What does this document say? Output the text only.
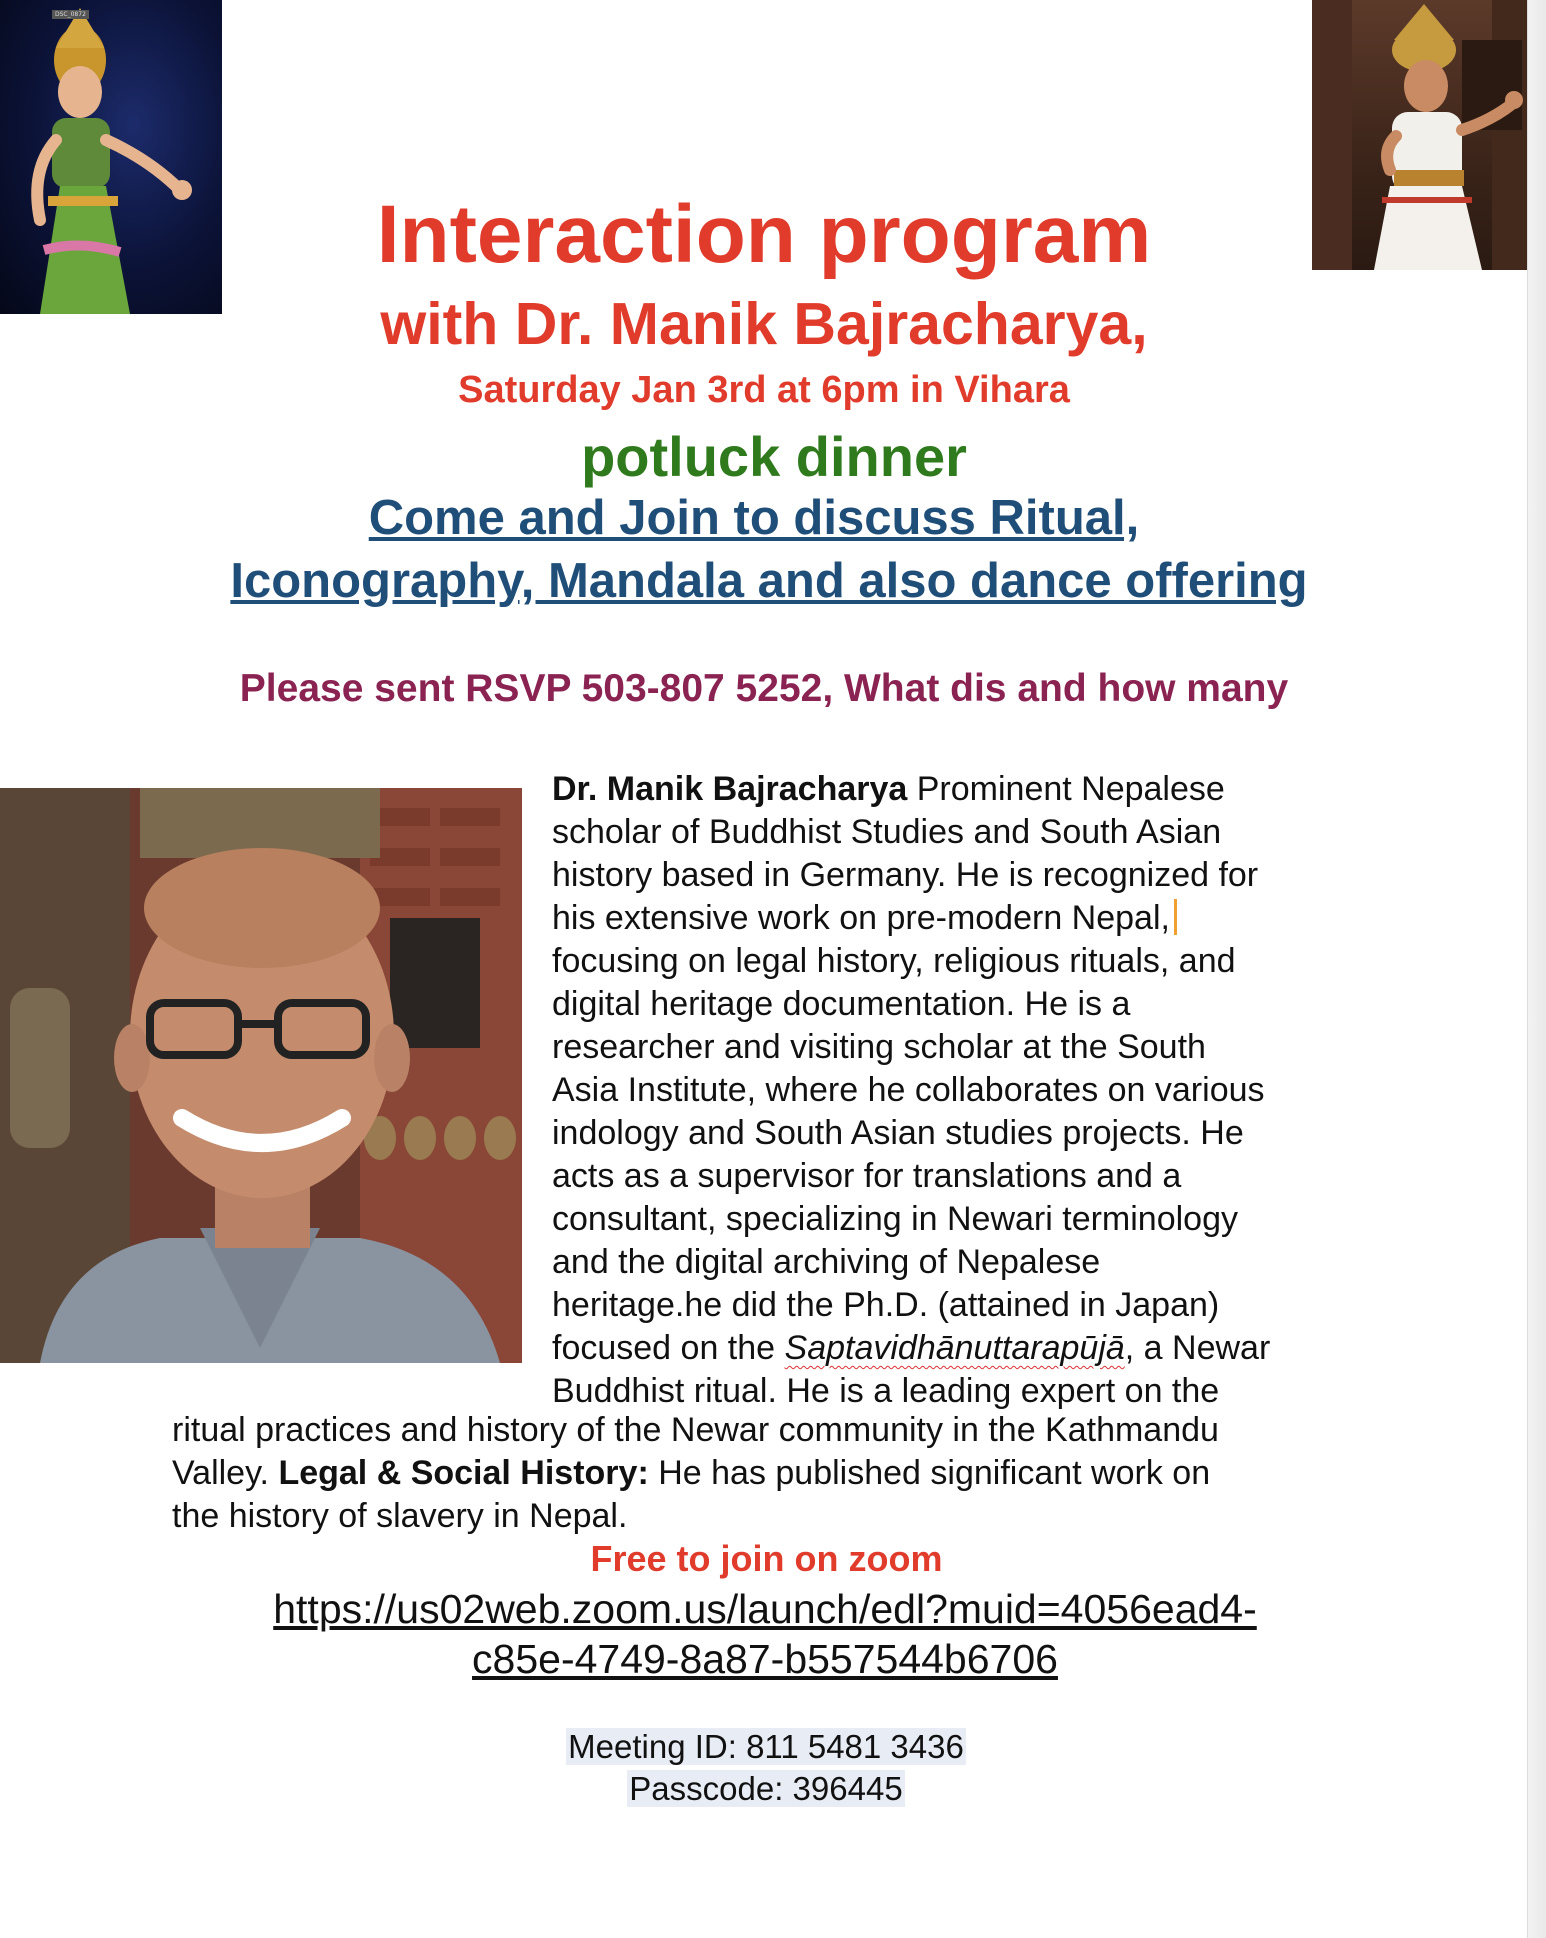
DSC_0872
Interaction program
with Dr. Manik Bajracharya,
Saturday Jan 3rd at 6pm in Vihara
potluck dinner
Come and Join to discuss Ritual,
Iconography, Mandala and also dance offering
Please sent RSVP 503-807 5252, What dis and how many
Dr. Manik Bajracharya Prominent Nepalese
scholar of Buddhist Studies and South Asian
history based in Germany. He is recognized for
his extensive work on pre-modern Nepal,
focusing on legal history, religious rituals, and
digital heritage documentation. He is a
researcher and visiting scholar at the South
Asia Institute, where he collaborates on various
indology and South Asian studies projects. He
acts as a supervisor for translations and a
consultant, specializing in Newari terminology
and the digital archiving of Nepalese
heritage.he did the Ph.D. (attained in Japan)
focused on the Saptavidhānuttarapūjā, a Newar
Buddhist ritual. He is a leading expert on the
ritual practices and history of the Newar community in the Kathmandu
Valley. Legal & Social History: He has published significant work on
the history of slavery in Nepal.
Free to join on zoom
https://us02web.zoom.us/launch/edl?muid=4056ead4-
c85e-4749-8a87-b557544b6706
Meeting ID: 811 5481 3436
Passcode: 396445
